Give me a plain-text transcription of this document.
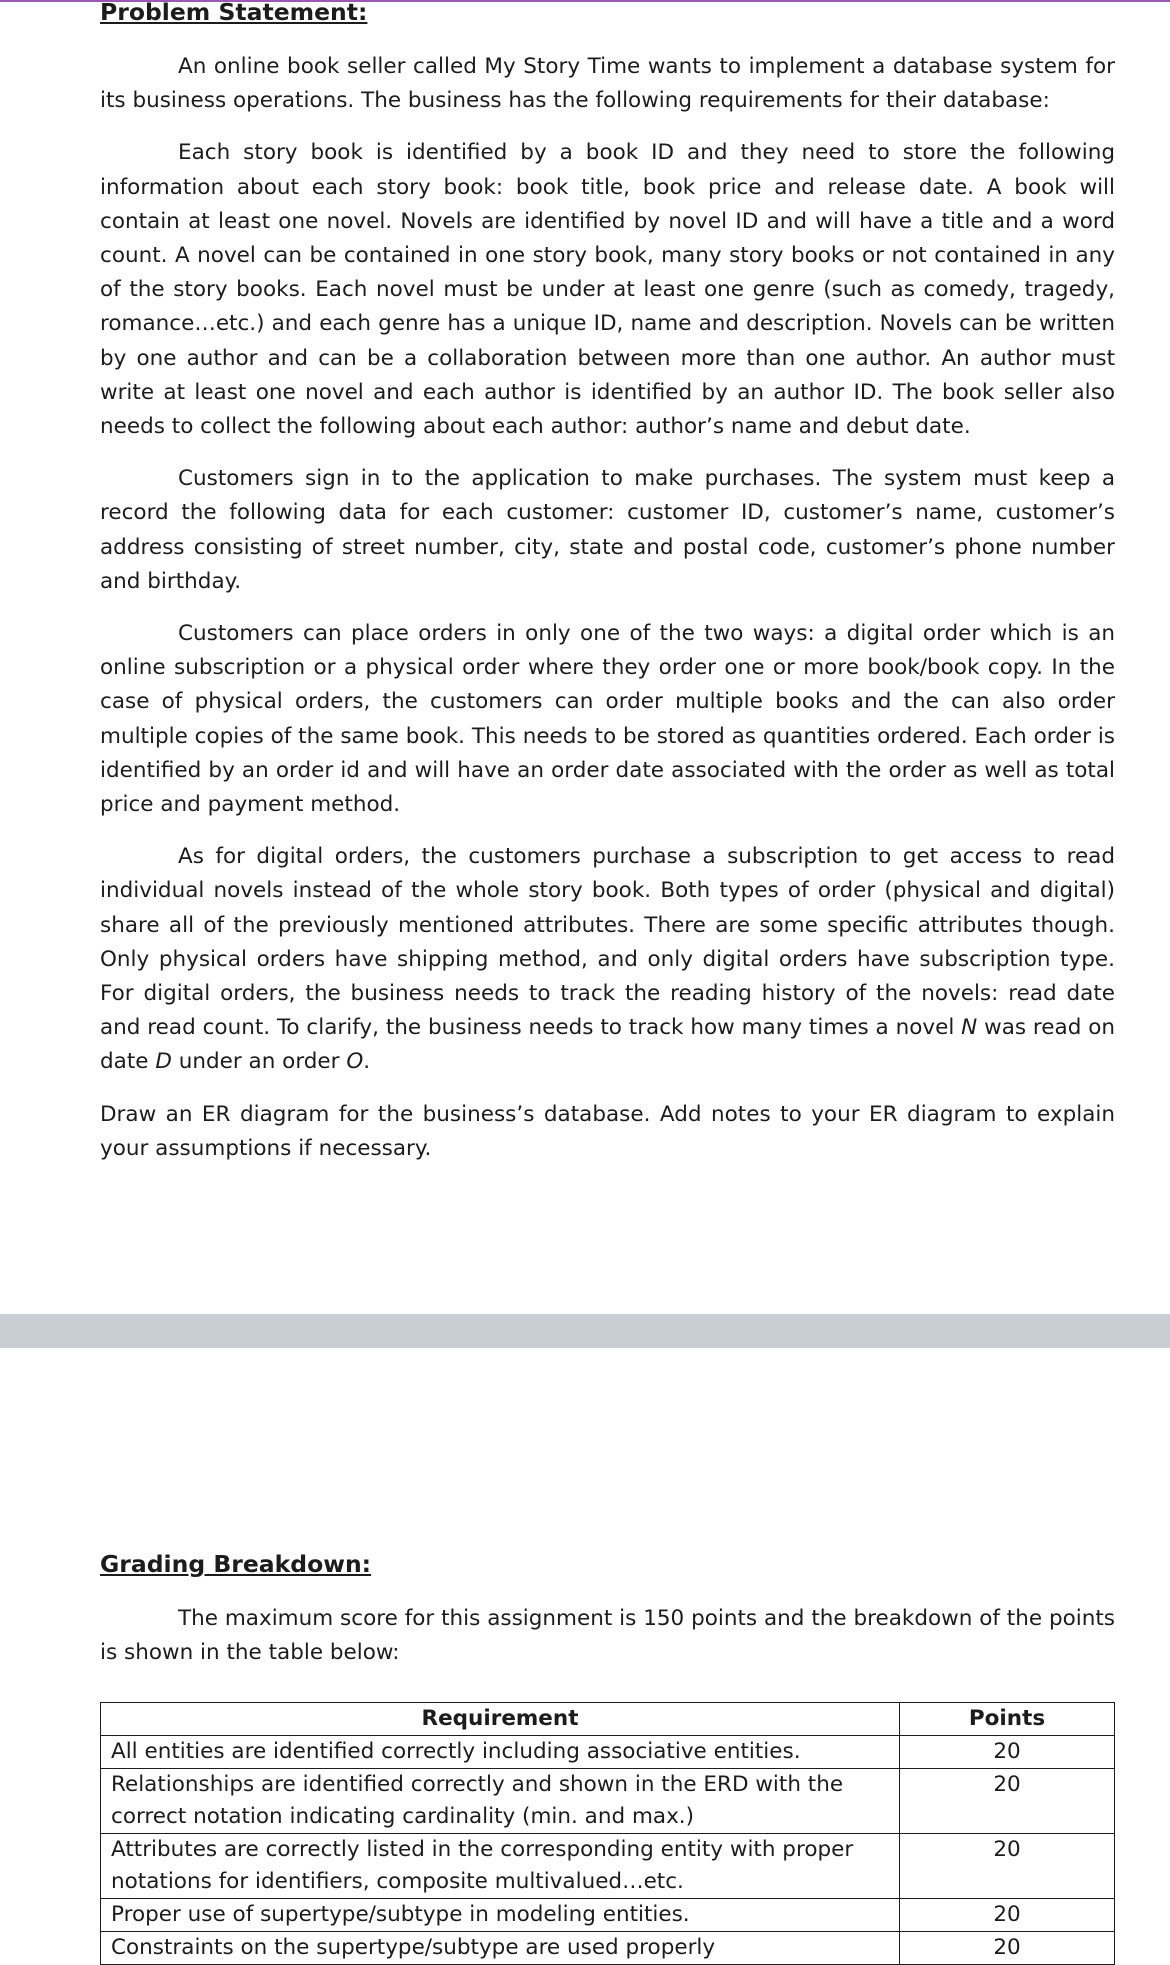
Problem Statement:

An online book seller called My Story Time wants to implement a database system for its business operations. The business has the following requirements for their database:

Each story book is identified by a book ID and they need to store the following information about each story book: book title, book price and release date. A book will contain at least one novel. Novels are identified by novel ID and will have a title and a word count. A novel can be contained in one story book, many story books or not contained in any of the story books. Each novel must be under at least one genre (such as comedy, tragedy, romance…etc.) and each genre has a unique ID, name and description. Novels can be written by one author and can be a collaboration between more than one author. An author must write at least one novel and each author is identified by an author ID. The book seller also needs to collect the following about each author: author’s name and debut date.

Customers sign in to the application to make purchases. The system must keep a record the following data for each customer: customer ID, customer’s name, customer’s address consisting of street number, city, state and postal code, customer’s phone number and birthday.

Customers can place orders in only one of the two ways: a digital order which is an online subscription or a physical order where they order one or more book/book copy. In the case of physical orders, the customers can order multiple books and the can also order multiple copies of the same book. This needs to be stored as quantities ordered. Each order is identified by an order id and will have an order date associated with the order as well as total price and payment method.

As for digital orders, the customers purchase a subscription to get access to read individual novels instead of the whole story book. Both types of order (physical and digital) share all of the previously mentioned attributes. There are some specific attributes though. Only physical orders have shipping method, and only digital orders have subscription type. For digital orders, the business needs to track the reading history of the novels: read date and read count. To clarify, the business needs to track how many times a novel N was read on date D under an order O.

Draw an ER diagram for the business’s database. Add notes to your ER diagram to explain your assumptions if necessary.

Grading Breakdown:

The maximum score for this assignment is 150 points and the breakdown of the points is shown in the table below:

Requirement	Points
All entities are identified correctly including associative entities.	20
Relationships are identified correctly and shown in the ERD with the correct notation indicating cardinality (min. and max.)	20
Attributes are correctly listed in the corresponding entity with proper notations for identifiers, composite multivalued…etc.	20
Proper use of supertype/subtype in modeling entities.	20
Constraints on the supertype/subtype are used properly	20
